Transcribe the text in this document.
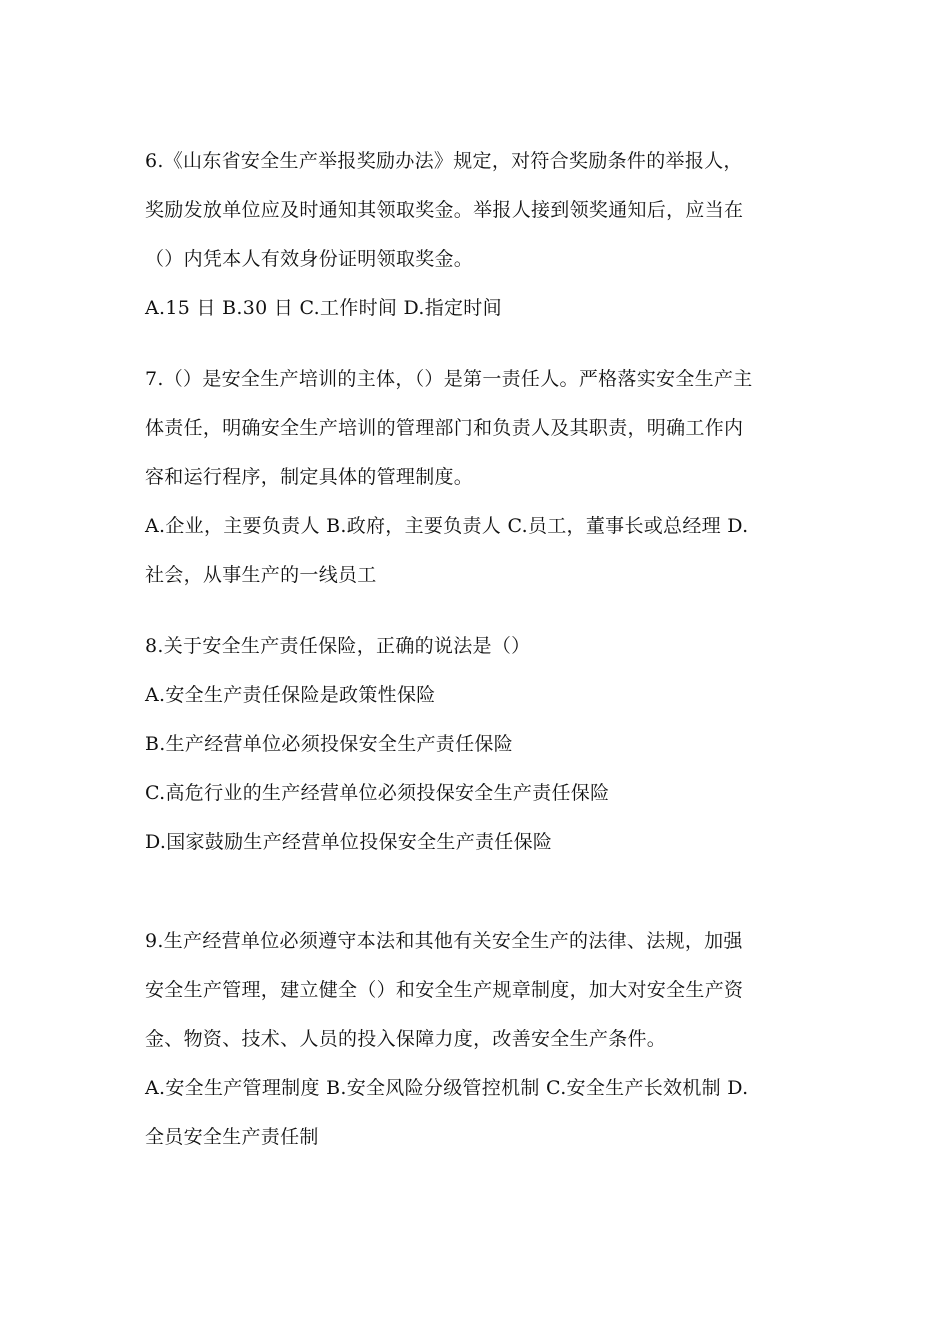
6.《山东省安全生产举报奖励办法》规定，对符合奖励条件的举报人，
奖励发放单位应及时通知其领取奖金。举报人接到领奖通知后，应当在
（）内凭本人有效身份证明领取奖金。
A.15 日 B.30 日 C.工作时间 D.指定时间
7.（）是安全生产培训的主体，（）是第一责任人。严格落实安全生产主
体责任，明确安全生产培训的管理部门和负责人及其职责，明确工作内
容和运行程序，制定具体的管理制度。
A.企业，主要负责人 B.政府，主要负责人 C.员工，董事长或总经理 D.
社会，从事生产的一线员工
8.关于安全生产责任保险，正确的说法是（）
A.安全生产责任保险是政策性保险
B.生产经营单位必须投保安全生产责任保险
C.高危行业的生产经营单位必须投保安全生产责任保险
D.国家鼓励生产经营单位投保安全生产责任保险
9.生产经营单位必须遵守本法和其他有关安全生产的法律、法规，加强
安全生产管理，建立健全（）和安全生产规章制度，加大对安全生产资
金、物资、技术、人员的投入保障力度，改善安全生产条件。
A.安全生产管理制度 B.安全风险分级管控机制 C.安全生产长效机制 D.
全员安全生产责任制
